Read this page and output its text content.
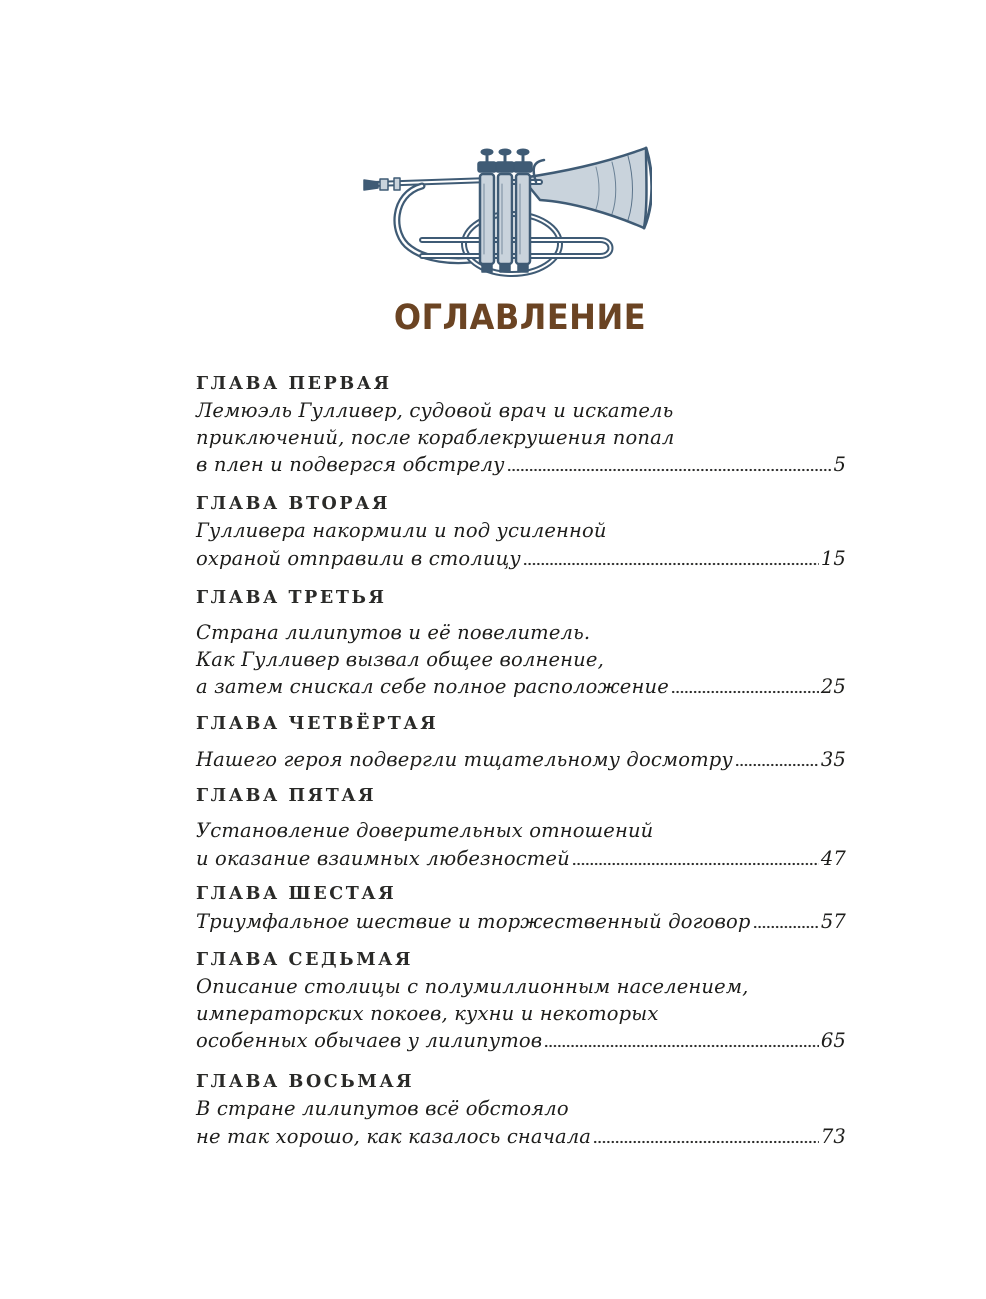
ОГЛАВЛЕНИЕ
ГЛАВА ПЕРВАЯ
Лемюэль Гулливер, судовой врач и искатель
приключений, после кораблекрушения попал
в плен и подвергся обстрелу	5
ГЛАВА ВТОРАЯ
Гулливера накормили и под усиленной
охраной отправили в столицу	15
ГЛАВА ТРЕТЬЯ
Страна лилипутов и её повелитель.
Как Гулливер вызвал общее волнение,
а затем снискал себе полное расположение	25
ГЛАВА ЧЕТВЁРТАЯ
Нашего героя подвергли тщательному досмотру	35
ГЛАВА ПЯТАЯ
Установление доверительных отношений
и оказание взаимных любезностей	47
ГЛАВА ШЕСТАЯ
Триумфальное шествие и торжественный договор	57
ГЛАВА СЕДЬМАЯ
Описание столицы с полумиллионным населением,
императорских покоев, кухни и некоторых
особенных обычаев у лилипутов	65
ГЛАВА ВОСЬМАЯ
В стране лилипутов всё обстояло
не так хорошо, как казалось сначала	73
